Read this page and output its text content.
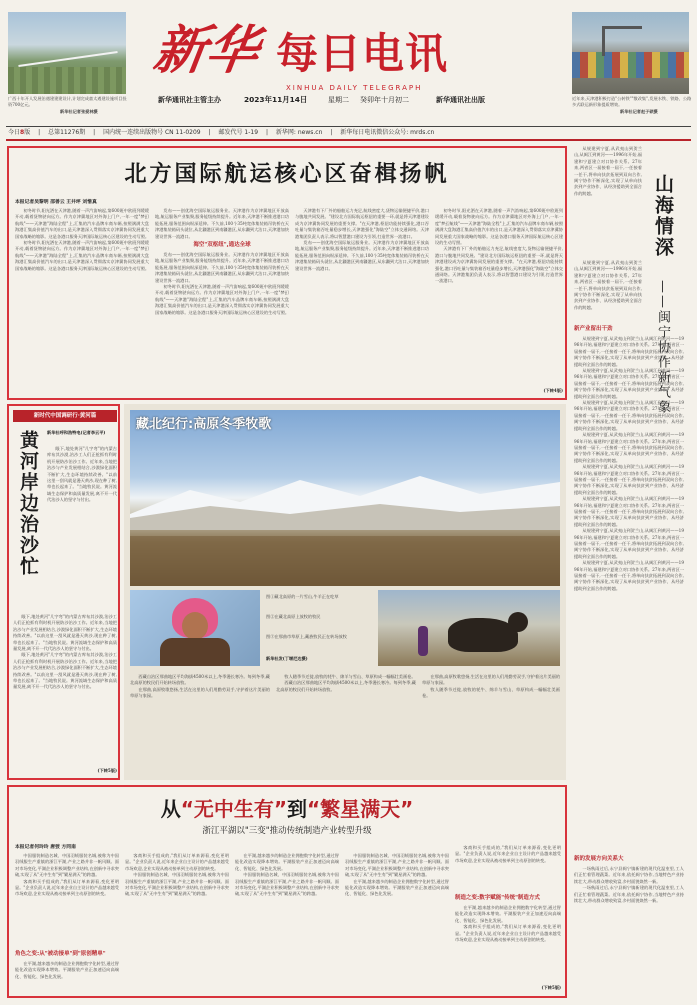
广西十年开人发展治遇建建建设计,计划完成童太遇建设施项目投资700亿元。
新华社记者张爱林摄
新华 每日电讯
XINHUA DAILY TELEGRAPH
新华通讯社主管主办	2023年11月14日	星期二	癸卯年十月初二	新华通讯社出版	近年来,天津港积极打造"公转铁""散改集",发展水铁、铁路、公路多式联运新形象提质增效。
新华社记者赵子硕摄
今日8版 | 总第11276期 | 国内统一连续出版物号 CN 11-0209 | 邮发代号 1-19 | 新华网: news.cn | 新华每日电讯微信公众号: mrds.cn
北方国际航运核心区奋楫扬帆
本报记者吴黎明 邵善云 王井坪 刘惜真

初冬时节,阳光洒在天津港,随着一声汽笛响起,第600班中欧班列缓缓开动,载着货物驶向远方。作为京津冀地区对外海上门户,一年一度"梦幻航线"——天津港"海陆全程"上,汇集的汽车品牌车商车辆,按照满满大盘海港汇集高价值汽车的出口,是天津港深入贯彻落实京津冀协同发展重大国家战略的缩影。这是各港口服务天津国际航运核心区建设的生动写照。

初冬时节,阳光洒在天津港,随着一声汽笛响起,第600班中欧班列缓缓开动,载着货物驶向远方。作为京津冀地区对外海上门户,一年一度"梦幻航线"——天津港"海陆全程"上,汇集的汽车品牌车商车辆,按照满满大盘海港汇集高价值汽车的出口,是天津港深入贯彻落实京津冀协同发展重大国家战略的缩影。这是各港口服务天津国际航运核心区建设的生动写照。

发布——创优海空国际航运服务业。天津港作为京津冀地区开放高地,航运服务产业集聚,服务能级持续提升。近年来,天津港不断推进港口功能拓展,服务范围向纵深延伸。不久前,100个35吨宽体集装箱吊装桥在天津港集装箱码头就位,从北疆港区到南疆港区,从东疆到大沽口,天津港加快建设世界一流港口。

海空"双枢纽",通达全球

发布——创优海空国际航运服务业。天津港作为京津冀地区开放高地,航运服务产业集聚,服务能级持续提升。近年来,天津港不断推进港口功能拓展,服务范围向纵深延伸。不久前,100个35吨宽体集装箱吊装桥在天津港集装箱码头就位,从北疆港区到南疆港区,从东疆到大沽口,天津港加快建设世界一流港口。

初冬时节,阳光洒在天津港,随着一声汽笛响起,第600班中欧班列缓缓开动,载着货物驶向远方。作为京津冀地区对外海上门户,一年一度"梦幻航线"——天津港"海陆全程"上,汇集的汽车品牌车商车辆,按照满满大盘海港汇集高价值汽车的出口,是天津港深入贯彻落实京津冀协同发展重大国家战略的缩影。这是各港口服务天津国际航运核心区建设的生动写照。

天津港有下厂外的船舶运力充足,航线密度大,货物运输便捷平价,港口与腹地共同发展。"建设北方国际航运枢纽的重要一环,就是将天津港建设成为京津冀协同发展的重要支撑。"在天津港,枢纽功能持续强化,港口吞吐量与集装箱吞吐量稳步增长,天津港强化"海陆空"立体交通网络。天津港集团负责人表示,将以智慧港口建设为引领,打造世界一流港口。

发布——创优海空国际航运服务业。天津港作为京津冀地区开放高地,航运服务产业集聚,服务能级持续提升。近年来,天津港不断推进港口功能拓展,服务范围向纵深延伸。不久前,100个35吨宽体集装箱吊装桥在天津港集装箱码头就位,从北疆港区到南疆港区,从东疆到大沽口,天津港加快建设世界一流港口。

初冬时节,阳光洒在天津港,随着一声汽笛响起,第600班中欧班列缓缓开动,载着货物驶向远方。作为京津冀地区对外海上门户,一年一度"梦幻航线"——天津港"海陆全程"上,汇集的汽车品牌车商车辆,按照满满大盘海港汇集高价值汽车的出口,是天津港深入贯彻落实京津冀协同发展重大国家战略的缩影。这是各港口服务天津国际航运核心区建设的生动写照。

天津港有下厂外的船舶运力充足,航线密度大,货物运输便捷平价,港口与腹地共同发展。"建设北方国际航运枢纽的重要一环,就是将天津港建设成为京津冀协同发展的重要支撑。"在天津港,枢纽功能持续强化,港口吞吐量与集装箱吞吐量稳步增长,天津港强化"海陆空"立体交通网络。天津港集团负责人表示,将以智慧港口建设为引领,打造世界一流港口。

(下转4版)

从规建到宁夏,从武夷山到贺兰山,从闽江到黄河——1996年开始,福建和宁夏建立对口协作关系。27年来,两省区一届接着一届干,一任接着一任干,将单向扶贫拓展到双向合作,闽宁协作不断深化,实现了从单向扶贫到产业协作、从经济援助到全面合作的跨越。	山海情深
——闽宁协作新气象

从规建到宁夏,从武夷山到贺兰山,从闽江到黄河——1996年开始,福建和宁夏建立对口协作关系。27年来,两省区一届接着一届干,一任接着一任干,将单向扶贫拓展到双向合作,闽宁协作不断深化,实现了从单向扶贫到产业协作、从经济援助到全面合作的跨越。

新产业留出干劲

从规建到宁夏,从武夷山到贺兰山,从闽江到黄河——1996年开始,福建和宁夏建立对口协作关系。27年来,两省区一届接着一届干,一任接着一任干,将单向扶贫拓展到双向合作,闽宁协作不断深化,实现了从单向扶贫到产业协作、从经济援助到全面合作的跨越。

从规建到宁夏,从武夷山到贺兰山,从闽江到黄河——1996年开始,福建和宁夏建立对口协作关系。27年来,两省区一届接着一届干,一任接着一任干,将单向扶贫拓展到双向合作,闽宁协作不断深化,实现了从单向扶贫到产业协作、从经济援助到全面合作的跨越。

从规建到宁夏,从武夷山到贺兰山,从闽江到黄河——1996年开始,福建和宁夏建立对口协作关系。27年来,两省区一届接着一届干,一任接着一任干,将单向扶贫拓展到双向合作,闽宁协作不断深化,实现了从单向扶贫到产业协作、从经济援助到全面合作的跨越。

从规建到宁夏,从武夷山到贺兰山,从闽江到黄河——1996年开始,福建和宁夏建立对口协作关系。27年来,两省区一届接着一届干,一任接着一任干,将单向扶贫拓展到双向合作,闽宁协作不断深化,实现了从单向扶贫到产业协作、从经济援助到全面合作的跨越。

从规建到宁夏,从武夷山到贺兰山,从闽江到黄河——1996年开始,福建和宁夏建立对口协作关系。27年来,两省区一届接着一届干,一任接着一任干,将单向扶贫拓展到双向合作,闽宁协作不断深化,实现了从单向扶贫到产业协作、从经济援助到全面合作的跨越。

从规建到宁夏,从武夷山到贺兰山,从闽江到黄河——1996年开始,福建和宁夏建立对口协作关系。27年来,两省区一届接着一届干,一任接着一任干,将单向扶贫拓展到双向合作,闽宁协作不断深化,实现了从单向扶贫到产业协作、从经济援助到全面合作的跨越。

从规建到宁夏,从武夷山到贺兰山,从闽江到黄河——1996年开始,福建和宁夏建立对口协作关系。27年来,两省区一届接着一届干,一任接着一任干,将单向扶贫拓展到双向合作,闽宁协作不断深化,实现了从单向扶贫到产业协作、从经济援助到全面合作的跨越。

从规建到宁夏,从武夷山到贺兰山,从闽江到黄河——1996年开始,福建和宁夏建立对口协作关系。27年来,两省区一届接着一届干,一任接着一任干,将单向扶贫拓展到双向合作,闽宁协作不断深化,实现了从单向扶贫到产业协作、从经济援助到全面合作的跨越。

新的发展方向关系大

一场秋雨过后,永宁县闽宁镇新建的现代化温室里,工人们正忙着管理蔬菜。近年来,依托闽宁协作,当地特色产业持续壮大,带动群众增收致富,乡村面貌焕然一新。

一场秋雨过后,永宁县闽宁镇新建的现代化温室里,工人们正忙着管理蔬菜。近年来,依托闽宁协作,当地特色产业持续壮大,带动群众增收致富,乡村面貌焕然一新。

新时代中国调研行·黄河篇
黄河岸边治沙忙	新华社呼和浩特电(记者李云平)

眼下,地处黄河"几字弯"的内蒙古库布其沙漠,治沙工人们正抢抓有利时机开展防沙治沙工作。近年来,当地把治沙与产业发展相结合,沙漠绿化面积不断扩大,生态环境持续改善。"以前这里一刮风就是漫天黄沙,现在种了树,草也长起来了。"当地牧民说。黄河流域生态保护和高质量发展,离不开一代代治沙人的坚守与付出。

眼下,地处黄河"几字弯"的内蒙古库布其沙漠,治沙工人们正抢抓有利时机开展防沙治沙工作。近年来,当地把治沙与产业发展相结合,沙漠绿化面积不断扩大,生态环境持续改善。"以前这里一刮风就是漫天黄沙,现在种了树,草也长起来了。"当地牧民说。黄河流域生态保护和高质量发展,离不开一代代治沙人的坚守与付出。

眼下,地处黄河"几字弯"的内蒙古库布其沙漠,治沙工人们正抢抓有利时机开展防沙治沙工作。近年来,当地把治沙与产业发展相结合,沙漠绿化面积不断扩大,生态环境持续改善。"以前这里一刮风就是漫天黄沙,现在种了树,草也长起来了。"当地牧民说。黄河流域生态保护和高质量发展,离不开一代代治沙人的坚守与付出。

(下转5版)
藏北纪行:高原冬季牧歌
图①藏北高原的一片雪山,牛羊正在吃草
图②在藏北高原上放牧的牧民
图③在那曲市草原上,藏族牧民正在转场放牧
新华社发(丁增尼达摄)

西藏自治区那曲地区平均海拔4500米以上,冬季漫长寒冷。每到冬季,藏北高原的牧民们开始转场放牧。

在那曲,高原牧歌悠扬,生活在这里的人们用勤劳双手,守护着这片美丽的草原与家园。

牧人随季节迁徙,放牧的牦牛、绵羊与雪山、草原构成一幅幅壮美画卷。

西藏自治区那曲地区平均海拔4500米以上,冬季漫长寒冷。每到冬季,藏北高原的牧民们开始转场放牧。

在那曲,高原牧歌悠扬,生活在这里的人们用勤劳双手,守护着这片美丽的草原与家园。

牧人随季节迁徙,放牧的牦牛、绵羊与雪山、草原构成一幅幅壮美画卷。

从“无中生有”到“繁星满天”
浙江平湖以"三变"推动传统制造产业转型升级
本报记者何玲玲 唐弢 方同南

中国服装制造名城、中国羽绒服装名城,被称为中国羽绒服生产重镇的浙江平湖,产业之路并非一帆风顺。面对市场变化,平湖企业积极调整产业结构,在创新中寻求突破,实现了从"无中生有"到"繁星满天"的跨越。

客商和买手组成的,"我们从订单来源看,变化更明显。"企业负责人说,近年来企业自主设计的产品越来越受市场欢迎,企业实现从被动接单到主动原创的转变。

角色之变:从"被动接单"到"原创精单"

在平湖,越来越多的制造企业拥抱数字化转型,通过智能化改造实现降本增效。平湖服装产业正加速迈向高端化、智能化、绿色化发展。

客商和买手组成的,"我们从订单来源看,变化更明显。"企业负责人说,近年来企业自主设计的产品越来越受市场欢迎,企业实现从被动接单到主动原创的转变。

中国服装制造名城、中国羽绒服装名城,被称为中国羽绒服生产重镇的浙江平湖,产业之路并非一帆风顺。面对市场变化,平湖企业积极调整产业结构,在创新中寻求突破,实现了从"无中生有"到"繁星满天"的跨越。

在平湖,越来越多的制造企业拥抱数字化转型,通过智能化改造实现降本增效。平湖服装产业正加速迈向高端化、智能化、绿色化发展。

中国服装制造名城、中国羽绒服装名城,被称为中国羽绒服生产重镇的浙江平湖,产业之路并非一帆风顺。面对市场变化,平湖企业积极调整产业结构,在创新中寻求突破,实现了从"无中生有"到"繁星满天"的跨越。

中国服装制造名城、中国羽绒服装名城,被称为中国羽绒服生产重镇的浙江平湖,产业之路并非一帆风顺。面对市场变化,平湖企业积极调整产业结构,在创新中寻求突破,实现了从"无中生有"到"繁星满天"的跨越。

在平湖,越来越多的制造企业拥抱数字化转型,通过智能化改造实现降本增效。平湖服装产业正加速迈向高端化、智能化、绿色化发展。

客商和买手组成的,"我们从订单来源看,变化更明显。"企业负责人说,近年来企业自主设计的产品越来越受市场欢迎,企业实现从被动接单到主动原创的转变。

制造之变:数字赋能"传统"制造方式

在平湖,越来越多的制造企业拥抱数字化转型,通过智能化改造实现降本增效。平湖服装产业正加速迈向高端化、智能化、绿色化发展。

客商和买手组成的,"我们从订单来源看,变化更明显。"企业负责人说,近年来企业自主设计的产品越来越受市场欢迎,企业实现从被动接单到主动原创的转变。

(下转5版)
